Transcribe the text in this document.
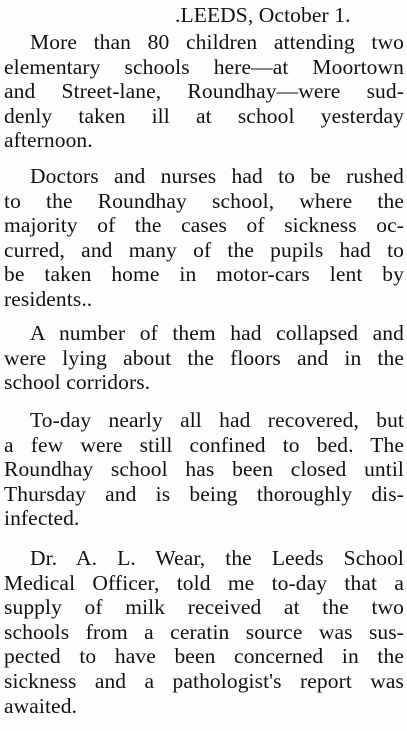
.LEEDS, October 1.
More than 80 children attending two
elementary schools here—at Moortown
and Street-lane, Roundhay—were sud-
denly taken ill at school yesterday
afternoon.
Doctors and nurses had to be rushed
to the Roundhay school, where the
majority of the cases of sickness oc-
curred, and many of the pupils had to
be taken home in motor-cars lent by
residents..
A number of them had collapsed and
were lying about the floors and in the
school corridors.
To-day nearly all had recovered, but
a few were still confined to bed. The
Roundhay school has been closed until
Thursday and is being thoroughly dis-
infected.
Dr. A. L. Wear, the Leeds School
Medical Officer, told me to-day that a
supply of milk received at the two
schools from a ceratin source was sus-
pected to have been concerned in the
sickness and a pathologist's report was
awaited.
